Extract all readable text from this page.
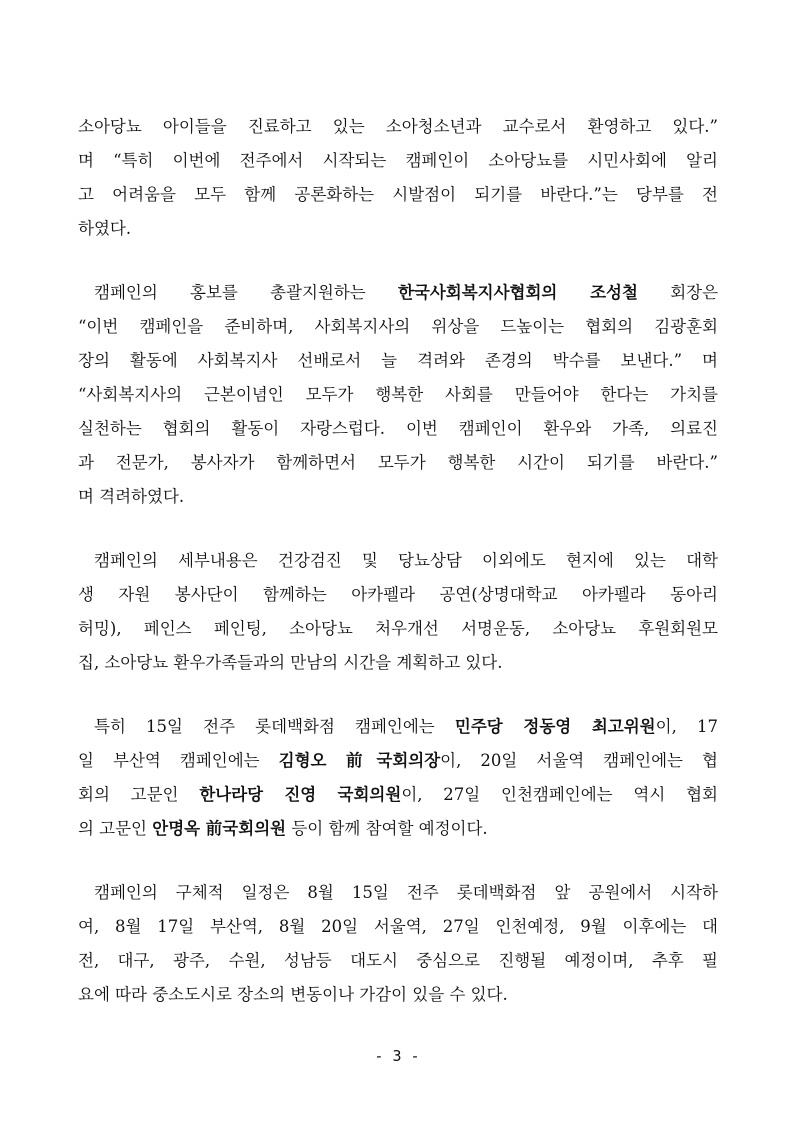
소아당뇨 아이들을 진료하고 있는 소아청소년과 교수로서 환영하고 있다.”
며 “특히 이번에 전주에서 시작되는 캠페인이 소아당뇨를 시민사회에 알리
고 어려움을 모두 함께 공론화하는 시발점이 되기를 바란다.”는 당부를 전
하였다.
캠페인의 홍보를 총괄지원하는 한국사회복지사협회의 조성철 회장은
“이번 캠페인을 준비하며, 사회복지사의 위상을 드높이는 협회의 김광훈회
장의 활동에 사회복지사 선배로서 늘 격려와 존경의 박수를 보낸다.” 며
“사회복지사의 근본이념인 모두가 행복한 사회를 만들어야 한다는 가치를
실천하는 협회의 활동이 자랑스럽다. 이번 캠페인이 환우와 가족, 의료진
과 전문가, 봉사자가 함께하면서 모두가 행복한 시간이 되기를 바란다.”
며 격려하였다.
캠페인의 세부내용은 건강검진 및 당뇨상담 이외에도 현지에 있는 대학
생 자원 봉사단이 함께하는 아카펠라 공연(상명대학교 아카펠라 동아리
허밍), 페인스 페인팅, 소아당뇨 처우개선 서명운동, 소아당뇨 후원회원모
집, 소아당뇨 환우가족들과의 만남의 시간을 계획하고 있다.
특히 15일 전주 롯데백화점 캠페인에는 민주당 정동영 최고위원이, 17
일 부산역 캠페인에는 김형오 前국회의장이, 20일 서울역 캠페인에는 협
회의 고문인 한나라당 진영 국회의원이, 27일 인천캠페인에는 역시 협회
의 고문인 안명옥 前국회의원 등이 함께 참여할 예정이다.
캠페인의 구체적 일정은 8월 15일 전주 롯데백화점 앞 공원에서 시작하
여, 8월 17일 부산역, 8월 20일 서울역, 27일 인천예정, 9월 이후에는 대
전, 대구, 광주, 수원, 성남등 대도시 중심으로 진행될 예정이며, 추후 필
요에 따라 중소도시로 장소의 변동이나 가감이 있을 수 있다.
- 3 -
